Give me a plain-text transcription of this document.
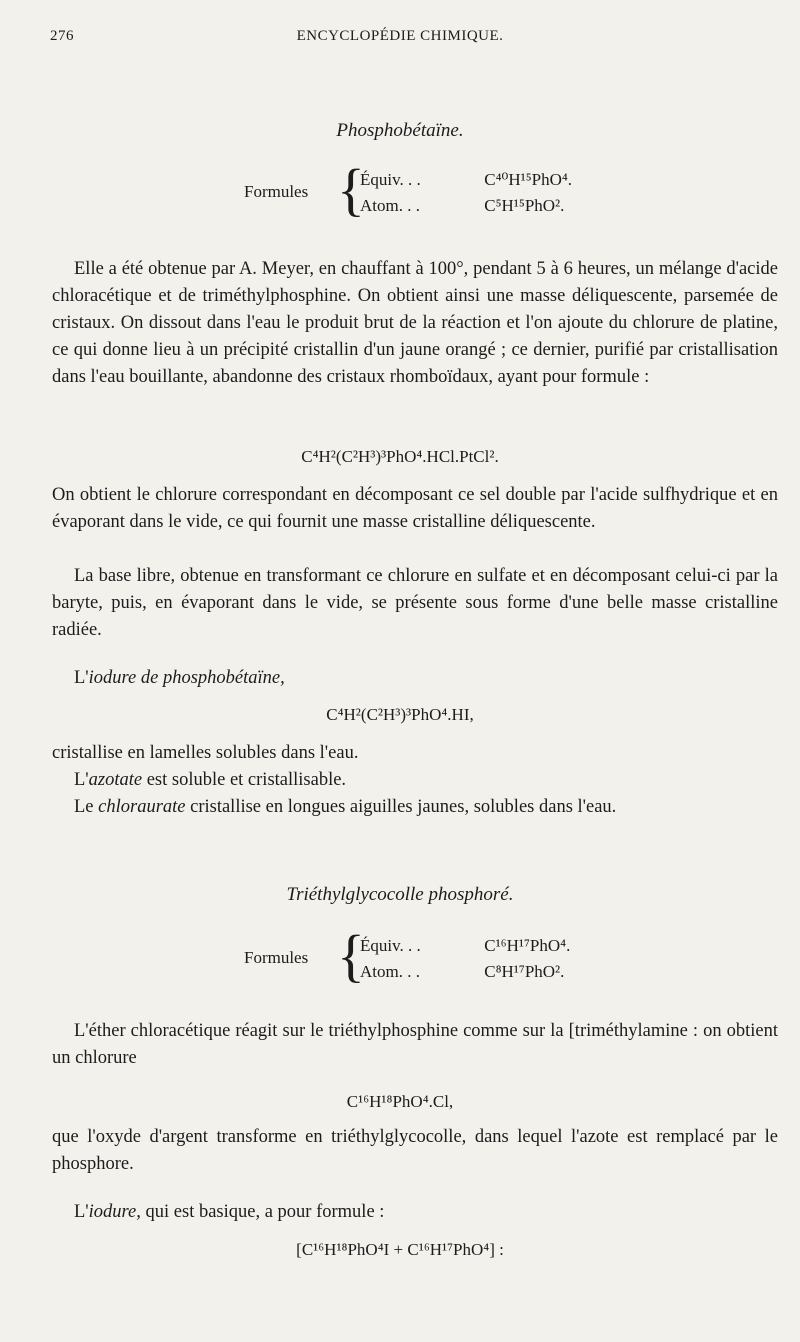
276	ENCYCLOPÉDIE CHIMIQUE.
Phosphobétaïne.
Formules {
Équiv. . .	C⁴⁰H¹⁵PhO⁴.
Atom. . .	C⁵H¹⁵PhO².

Elle a été obtenue par A. Meyer, en chauffant à 100°, pendant 5 à 6 heures, un mélange d'acide chloracétique et de triméthylphosphine. On obtient ainsi une masse déliquescente, parsemée de cristaux. On dissout dans l'eau le produit brut de la réaction et l'on ajoute du chlorure de platine, ce qui donne lieu à un précipité cristallin d'un jaune orangé ; ce dernier, purifié par cristallisation dans l'eau bouillante, abandonne des cristaux rhomboïdaux, ayant pour formule :

C⁴H²(C²H³)³PhO⁴.HCl.PtCl².

On obtient le chlorure correspondant en décomposant ce sel double par l'acide sulfhydrique et en évaporant dans le vide, ce qui fournit une masse cristalline déliquescente.

La base libre, obtenue en transformant ce chlorure en sulfate et en décomposant celui-ci par la baryte, puis, en évaporant dans le vide, se présente sous forme d'une belle masse cristalline radiée.

L'iodure de phosphobétaïne,

C⁴H²(C²H³)³PhO⁴.HI,

cristallise en lamelles solubles dans l'eau.

L'azotate est soluble et cristallisable.

Le chloraurate cristallise en longues aiguilles jaunes, solubles dans l'eau.

Triéthylglycocolle phosphoré.
Formules {
Équiv. . .	C¹⁶H¹⁷PhO⁴.
Atom. . .	C⁸H¹⁷PhO².

L'éther chloracétique réagit sur le triéthylphosphine comme sur la [triméthylamine : on obtient un chlorure

C¹⁶H¹⁸PhO⁴.Cl,

que l'oxyde d'argent transforme en triéthylglycocolle, dans lequel l'azote est remplacé par le phosphore.

L'iodure, qui est basique, a pour formule :

[C¹⁶H¹⁸PhO⁴I + C¹⁶H¹⁷PhO⁴] :
